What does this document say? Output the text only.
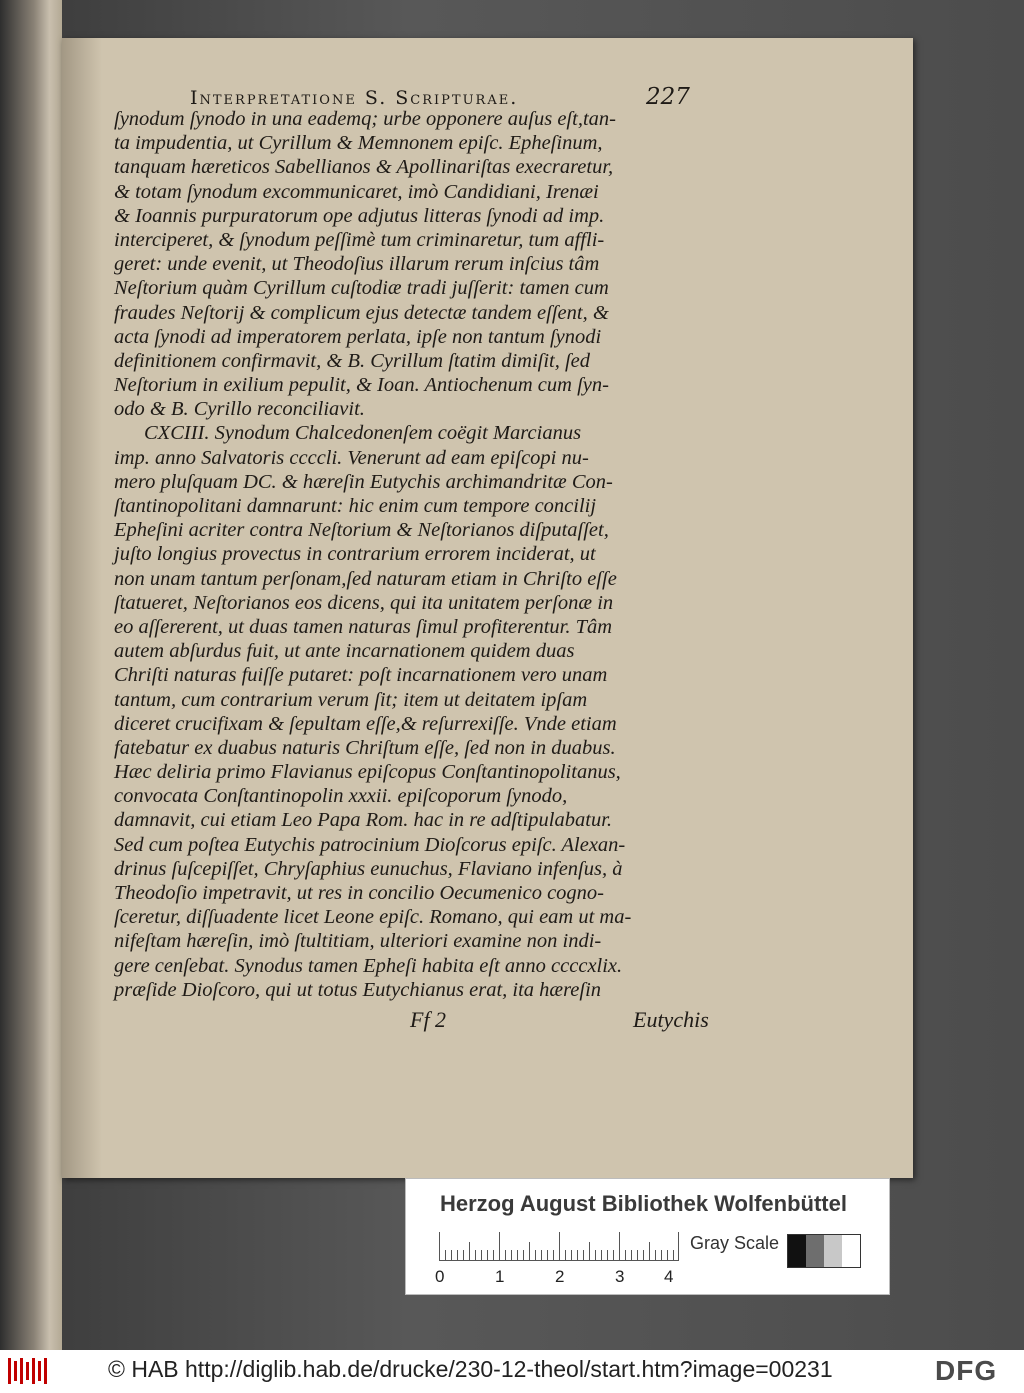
Interpretatione S. Scripturae.	227
ſynodum ſynodo in una eademq; urbe opponere auſus eſt,tan-
ta impudentia, ut Cyrillum & Memnonem epiſc. Epheſinum,
tanquam hæreticos Sabellianos & Apollinariſtas execraretur,
& totam ſynodum excommunicaret, imò Candidiani, Irenæi
& Ioannis purpuratorum ope adjutus litteras ſynodi ad imp.
interciperet, & ſynodum peſſimè tum criminaretur, tum affli-
geret: unde evenit, ut Theodoſius illarum rerum inſcius tâm
Neſtorium quàm Cyrillum cuſtodiæ tradi juſſerit: tamen cum
fraudes Neſtorij & complicum ejus detectæ tandem eſſent, &
acta ſynodi ad imperatorem perlata, ipſe non tantum ſynodi
definitionem confirmavit, & B. Cyrillum ſtatim dimiſit, ſed
Neſtorium in exilium pepulit, & Ioan. Antiochenum cum ſyn-
odo & B. Cyrillo reconciliavit.
CXCIII. Synodum Chalcedonenſem coëgit Marcianus
imp. anno Salvatoris ccccli. Venerunt ad eam epiſcopi nu-
mero pluſquam DC. & hæreſin Eutychis archimandritæ Con-
ſtantinopolitani damnarunt: hic enim cum tempore concilij
Epheſini acriter contra Neſtorium & Neſtorianos diſputaſſet,
juſto longius provectus in contrarium errorem inciderat, ut
non unam tantum perſonam,ſed naturam etiam in Chriſto eſſe
ſtatueret, Neſtorianos eos dicens, qui ita unitatem perſonæ in
eo aſſererent, ut duas tamen naturas ſimul profiterentur. Tâm
autem abſurdus fuit, ut ante incarnationem quidem duas
Chriſti naturas fuiſſe putaret: poſt incarnationem vero unam
tantum, cum contrarium verum ſit; item ut deitatem ipſam
diceret crucifixam & ſepultam eſſe,& reſurrexiſſe. Vnde etiam
fatebatur ex duabus naturis Chriſtum eſſe, ſed non in duabus.
Hæc deliria primo Flavianus epiſcopus Conſtantinopolitanus,
convocata Conſtantinopolin xxxii. epiſcoporum ſynodo,
damnavit, cui etiam Leo Papa Rom. hac in re adſtipulabatur.
Sed cum poſtea Eutychis patrocinium Dioſcorus epiſc. Alexan-
drinus ſuſcepiſſet, Chryſaphius eunuchus, Flaviano infenſus, à
Theodoſio impetravit, ut res in concilio Oecumenico cogno-
ſceretur, diſſuadente licet Leone epiſc. Romano, qui eam ut ma-
nifeſtam hæreſin, imò ſtultitiam, ulteriori examine non indi-
gere cenſebat. Synodus tamen Epheſi habita eſt anno ccccxlix.
præſide Dioſcoro, qui ut totus Eutychianus erat, ita hæreſin
Ff 2	Eutychis
Herzog August Bibliothek Wolfenbüttel
0	1	2	3 4
Gray Scale
© HAB http://diglib.hab.de/drucke/230-12-theol/start.htm?image=00231	DFG
